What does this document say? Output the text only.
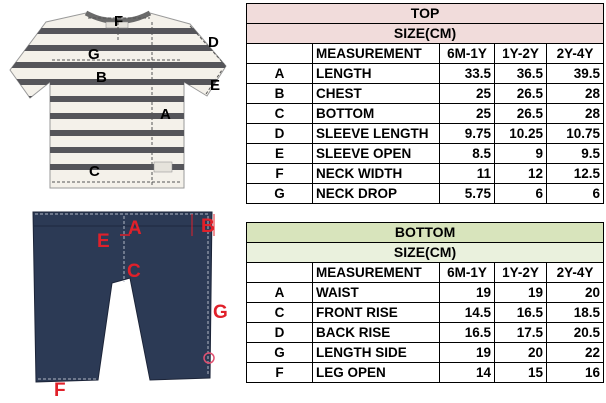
F
G
B
D
E
A
C
A	B
E
C
G
F
TOP				
SIZE(CM)				
	MEASUREMENT	6M-1Y	1Y-2Y	2Y-4Y
A	LENGTH	33.5	36.5	39.5
B	CHEST	25	26.5	28
C	BOTTOM	25	26.5	28
D	SLEEVE LENGTH	9.75	10.25	10.75
E	SLEEVE OPEN	8.5	9	9.5
F	NECK WIDTH	11	12	12.5
G	NECK DROP	5.75	6	6
BOTTOM				
SIZE(CM)				
	MEASUREMENT	6M-1Y	1Y-2Y	2Y-4Y
A	WAIST	19	19	20
C	FRONT RISE	14.5	16.5	18.5
D	BACK RISE	16.5	17.5	20.5
G	LENGTH SIDE	19	20	22
F	LEG OPEN	14	15	16
